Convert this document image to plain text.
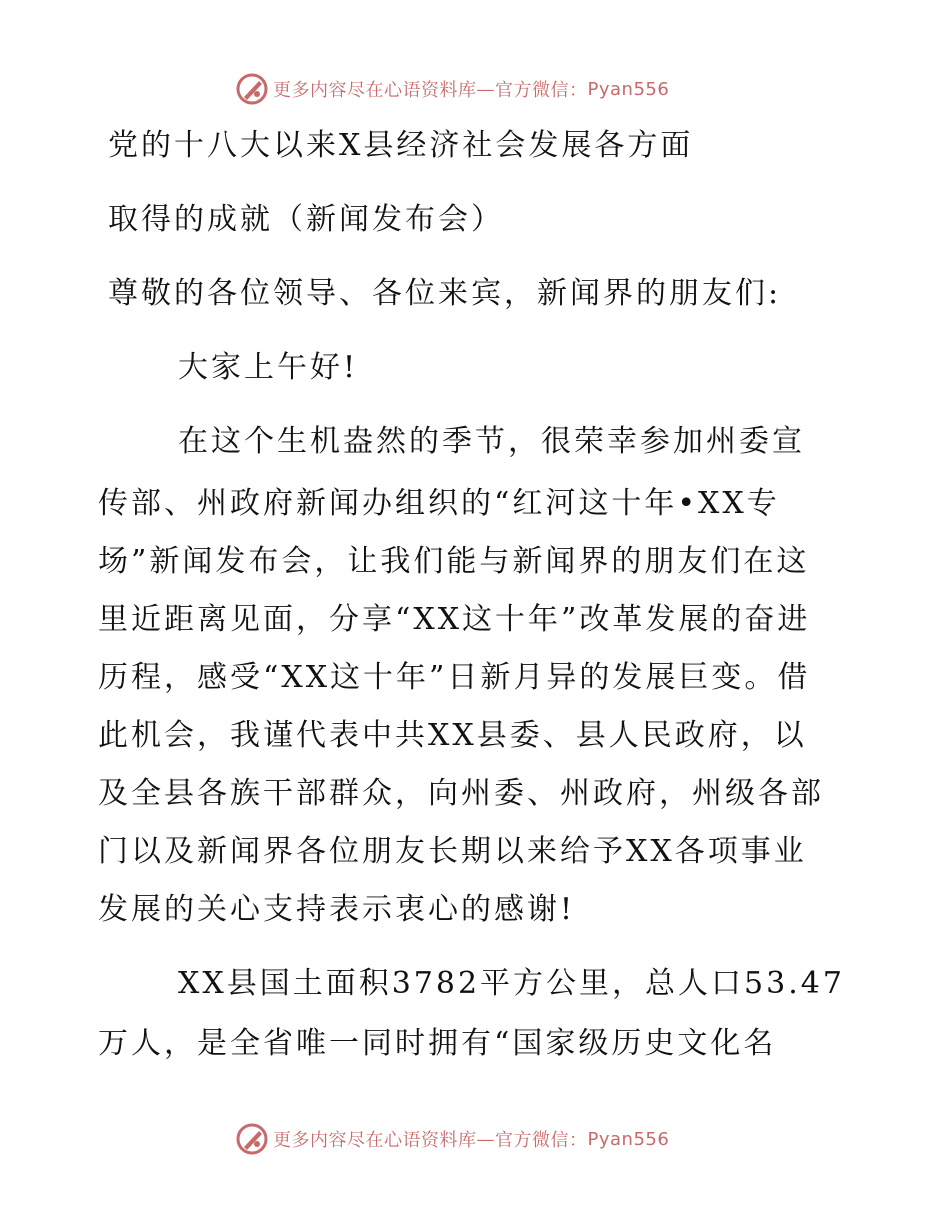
更多内容尽在心语资料库 — 官方微信： Pyan556
党的十八大以来X县经济社会发展各方面
取得的成就（新闻发布会）
尊敬的各位领导、各位来宾，新闻界的朋友们:
大家上午好!
在这个生机盎然的季节，很荣幸参加州委宣
传部、州政府新闻办组织的“红河这十年•XX专
场”新闻发布会，让我们能与新闻界的朋友们在这
里近距离见面，分享“XX这十年”改革发展的奋进
历程，感受“XX这十年”日新月异的发展巨变。借
此机会，我谨代表中共XX县委、县人民政府，以
及全县各族干部群众，向州委、州政府，州级各部
门以及新闻界各位朋友长期以来给予XX各项事业
发展的关心支持表示衷心的感谢!
XX县国土面积3782平方公里，总人口53.47
万人，是全省唯一同时拥有“国家级历史文化名
更多内容尽在心语资料库 — 官方微信： Pyan556
